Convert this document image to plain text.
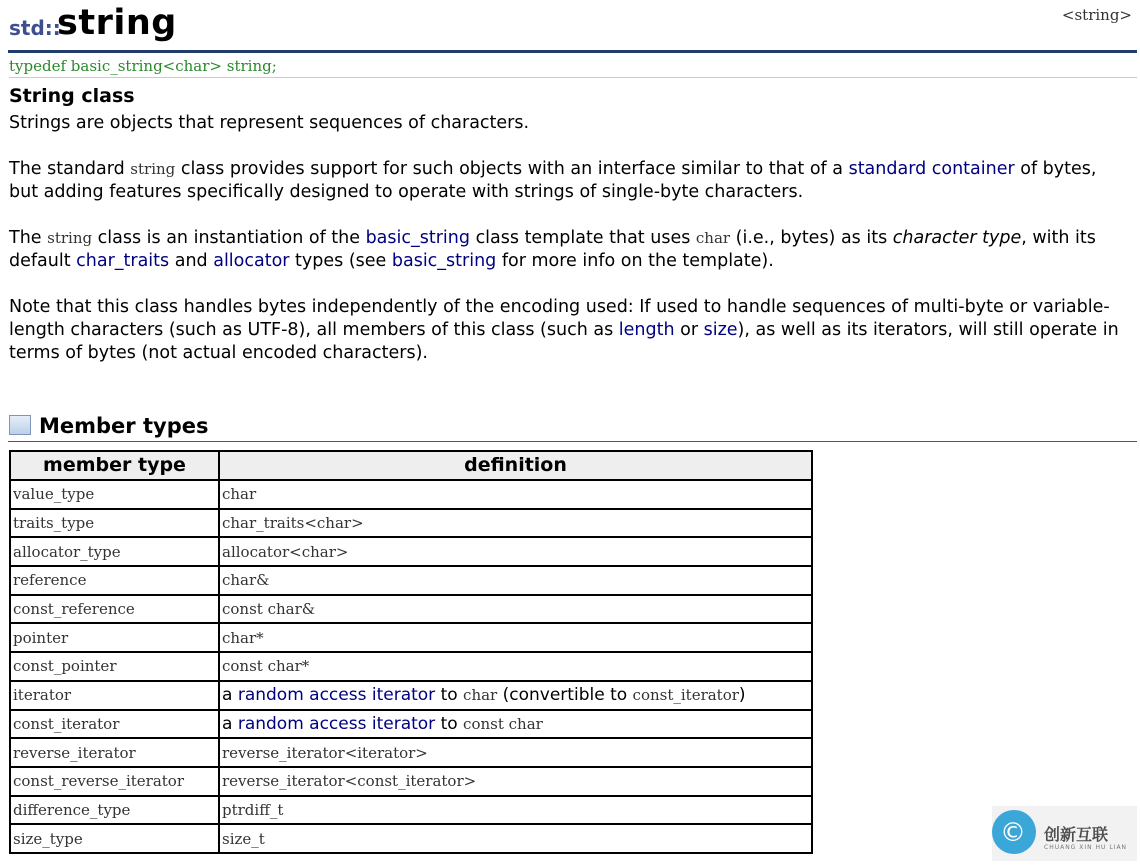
std::
string	<string>
typedef basic_string<char> string;
String class

Strings are objects that represent sequences of characters.

The standard string class provides support for such objects with an interface similar to that of a standard container of bytes, but adding features specifically designed to operate with strings of single-byte characters.

The string class is an instantiation of the basic_string class template that uses char (i.e., bytes) as its character type, with its default char_traits and allocator types (see basic_string for more info on the template).

Note that this class handles bytes independently of the encoding used: If used to handle sequences of multi-byte or variable-length characters (such as UTF-8), all members of this class (such as length or size), as well as its iterators, will still operate in terms of bytes (not actual encoded characters).

Member types
member type	definition
value_type	char
traits_type	char_traits<char>
allocator_type	allocator<char>
reference	char&
const_reference	const char&
pointer	char*
const_pointer	const char*
iterator	a random access iterator to char (convertible to const_iterator)
const_iterator	a random access iterator to const char
reverse_iterator	reverse_iterator<iterator>
const_reverse_iterator	reverse_iterator<const_iterator>
difference_type	ptrdiff_t
size_type	size_t	© 创新互联
CHUANG XIN HU LIAN
